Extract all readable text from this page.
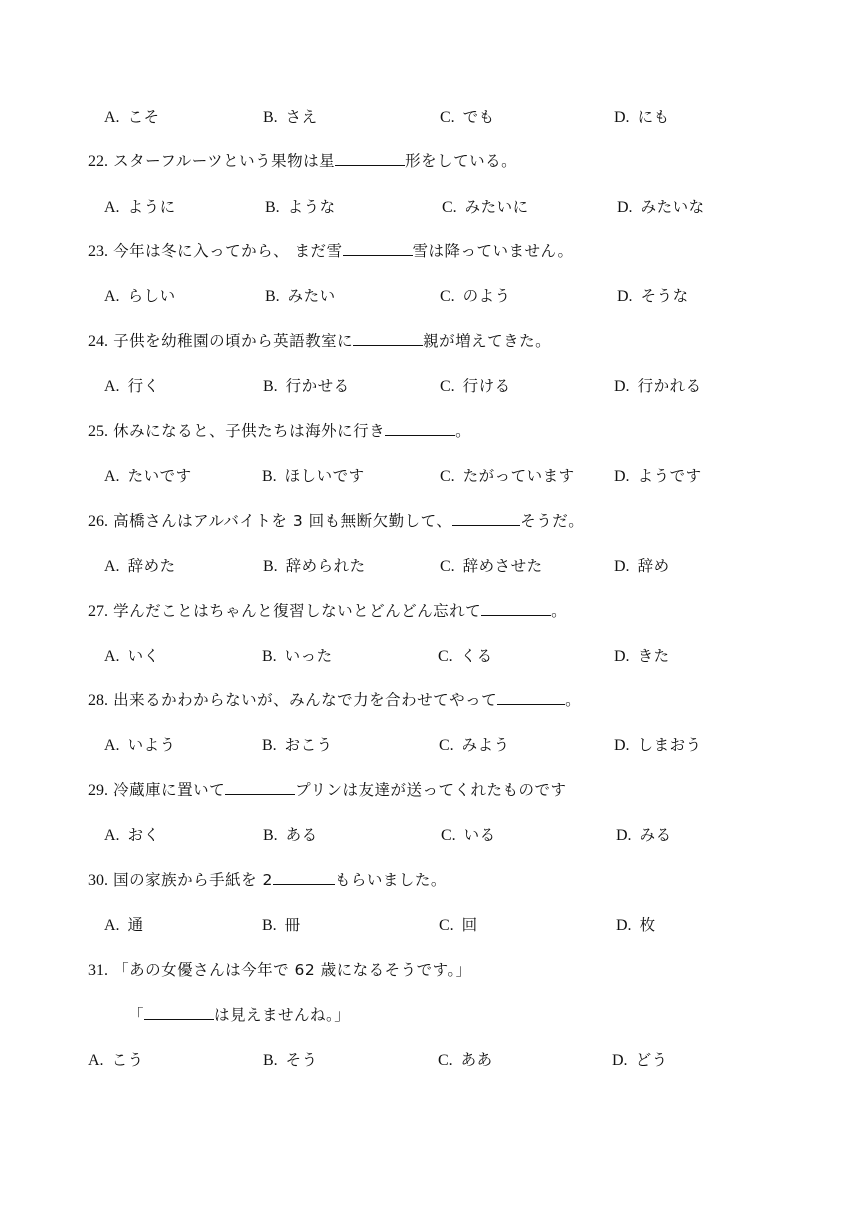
A. こそ	B. さえ	C. でも	D. にも
22. スターフルーツという果物は星	形をしている。
A. ように	B. ような	C. みたいに	D. みたいな
23. 今年は冬に入ってから、 まだ雪	雪は降っていません。
A. らしい	B. みたい	C. のよう	D. そうな
24. 子供を幼稚園の頃から英語教室に	親が増えてきた。
A. 行く	B. 行かせる	C. 行ける	D. 行かれる
25. 休みになると、子供たちは海外に行き	。
A. たいです	B. ほしいです	C. たがっています D. ようです
26. 高橋さんはアルバイトを 3 回も無断欠勤して、	そうだ。
A. 辞めた	B. 辞められた	C. 辞めさせた	D. 辞め
27. 学んだことはちゃんと復習しないとどんどん忘れて	。
A. いく	B. いった	C. くる	D. きた
28. 出来るかわからないが、みんなで力を合わせてやって	。
A. いよう	B. おこう	C. みよう	D. しまおう
29. 冷蔵庫に置いて	プリンは友達が送ってくれたものです
A. おく	B. ある	C. いる	D. みる
30. 国の家族から手紙を 2	もらいました。
A. 通	B. 冊	C. 回	D. 枚
31. 「あの女優さんは今年で 62 歳になるそうです。」
「	は見えませんね。」
A. こう	B. そう	C. ああ	D. どう
